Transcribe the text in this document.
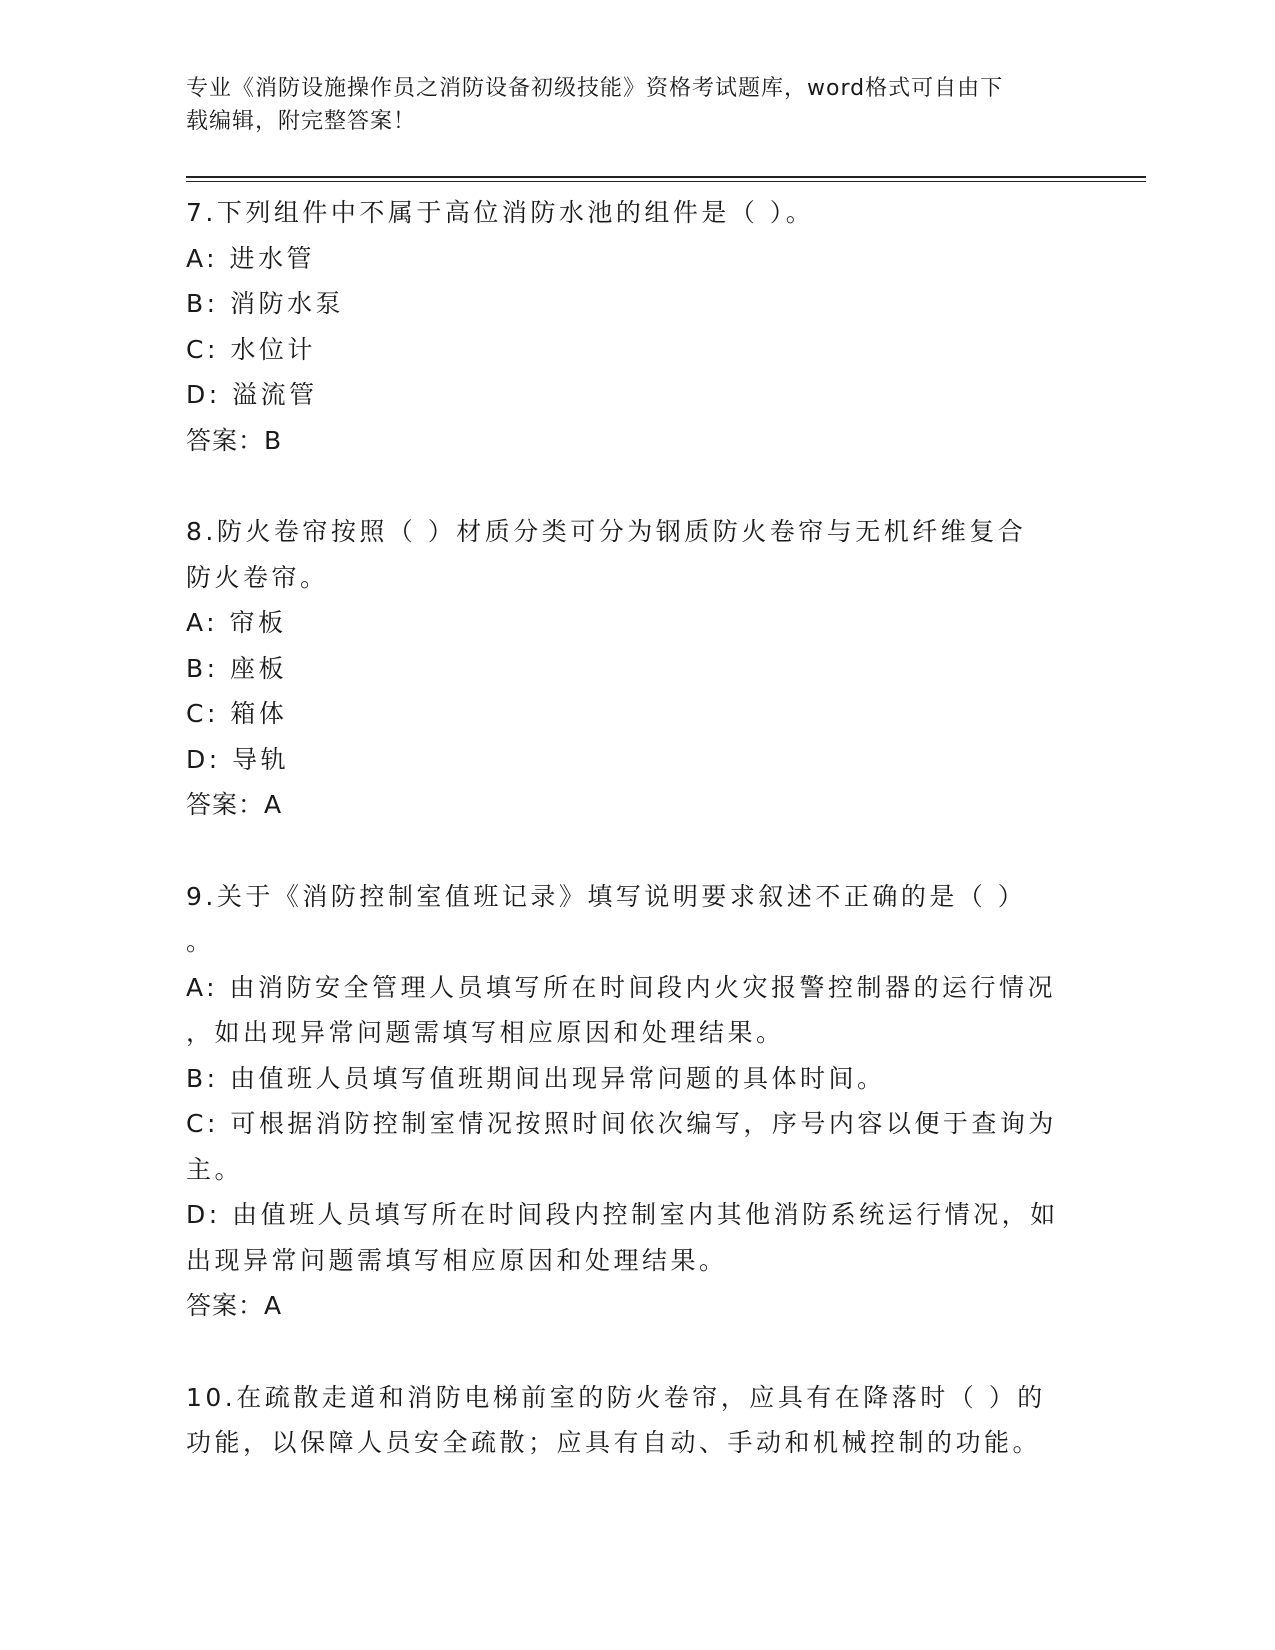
专业《消防设施操作员之消防设备初级技能》资格考试题库，word格式可自由下
载编辑，附完整答案！
7.下列组件中不属于高位消防水池的组件是（ ）。
A: 进水管
B: 消防水泵
C: 水位计
D: 溢流管
答案：B
8.防火卷帘按照（ ）材质分类可分为钢质防火卷帘与无机纤维复合
防火卷帘。
A: 帘板
B: 座板
C: 箱体
D: 导轨
答案：A
9.关于《消防控制室值班记录》填写说明要求叙述不正确的是（ ）
。
A: 由消防安全管理人员填写所在时间段内火灾报警控制器的运行情况
，如出现异常问题需填写相应原因和处理结果。
B: 由值班人员填写值班期间出现异常问题的具体时间。
C: 可根据消防控制室情况按照时间依次编写，序号内容以便于查询为
主。
D: 由值班人员填写所在时间段内控制室内其他消防系统运行情况，如
出现异常问题需填写相应原因和处理结果。
答案：A
10.在疏散走道和消防电梯前室的防火卷帘，应具有在降落时（ ）的
功能，以保障人员安全疏散；应具有自动、手动和机械控制的功能。
